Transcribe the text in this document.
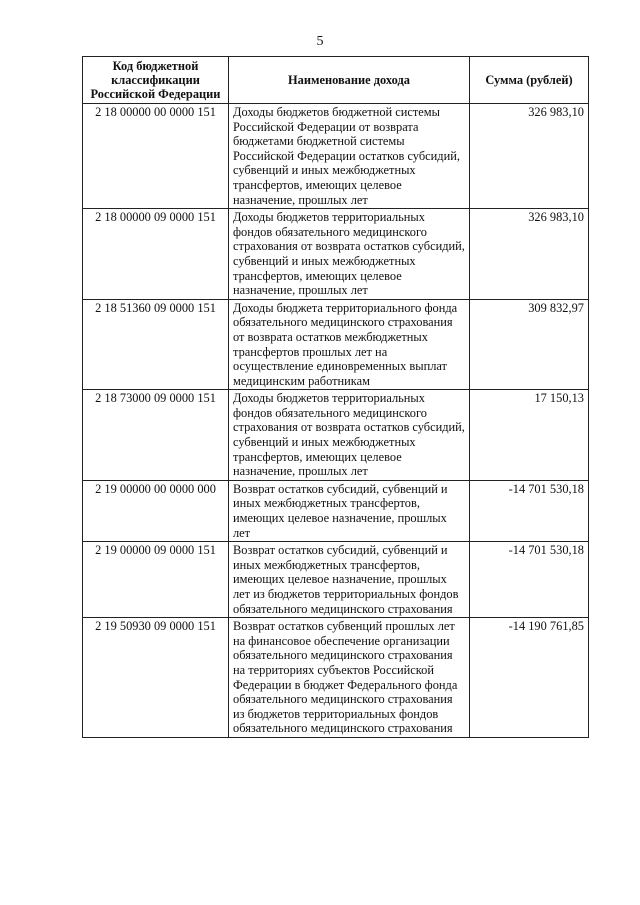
5
Код бюджетной классификации Российской Федерации	Наименование дохода	Сумма (рублей)
2 18 00000 00 0000 151	Доходы бюджетов бюджетной системы Российской Федерации от возврата бюджетами бюджетной системы Российской Федерации остатков субсидий, субвенций и иных межбюджетных трансфертов, имеющих целевое назначение, прошлых лет	326 983,10
2 18 00000 09 0000 151	Доходы бюджетов территориальных фондов обязательного медицинского страхования от возврата остатков субсидий, субвенций и иных межбюджетных трансфертов, имеющих целевое назначение, прошлых лет	326 983,10
2 18 51360 09 0000 151	Доходы бюджета территориального фонда обязательного медицинского страхования от возврата остатков межбюджетных трансфертов прошлых лет на осуществление единовременных выплат медицинским работникам	309 832,97
2 18 73000 09 0000 151	Доходы бюджетов территориальных фондов обязательного медицинского страхования от возврата остатков субсидий, субвенций и иных межбюджетных трансфертов, имеющих целевое назначение, прошлых лет	17 150,13
2 19 00000 00 0000 000	Возврат остатков субсидий, субвенций и иных межбюджетных трансфертов, имеющих целевое назначение, прошлых лет	-14 701 530,18
2 19 00000 09 0000 151	Возврат остатков субсидий, субвенций и иных межбюджетных трансфертов, имеющих целевое назначение, прошлых лет из бюджетов территориальных фондов обязательного медицинского страхования	-14 701 530,18
2 19 50930 09 0000 151	Возврат остатков субвенций прошлых лет на финансовое обеспечение организации обязательного медицинского страхования на территориях субъектов Российской Федерации в бюджет Федерального фонда обязательного медицинского страхования из бюджетов территориальных фондов обязательного медицинского страхования	-14 190 761,85
